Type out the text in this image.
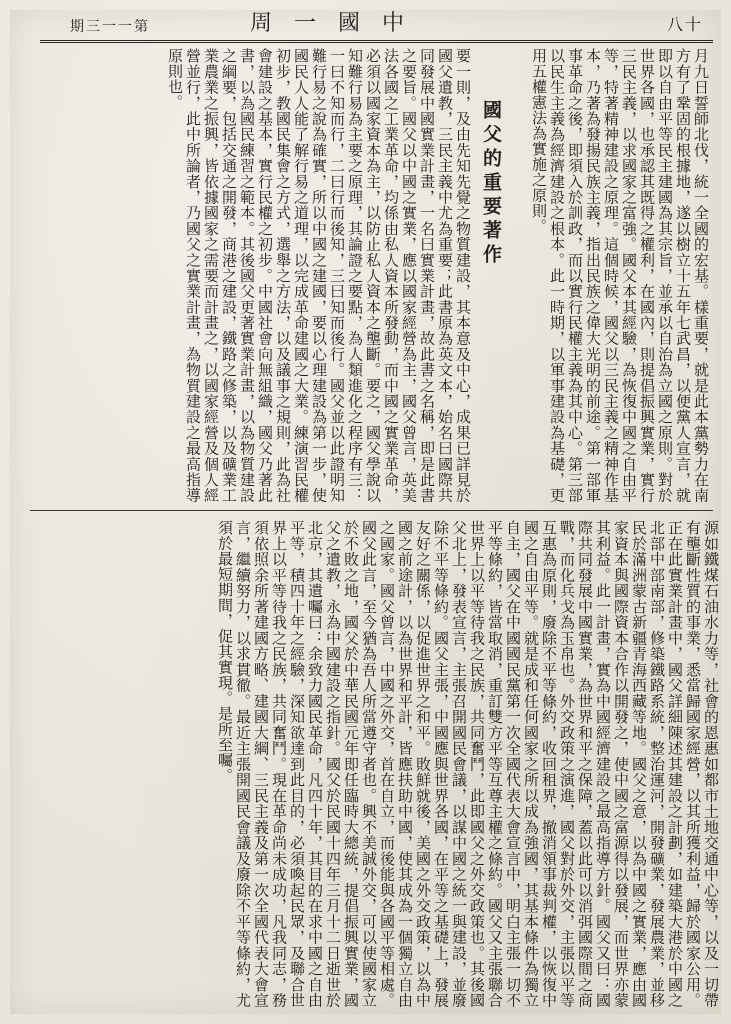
期三一一第	周一國中	八十
月九日誓師北伐，統一全國的宏基。樣重要，就是此本黨勢力在南方有了鞏固的根據地，遂以樹立十五年七武昌，以便黨人宣言，就即以自由平等民主建國為其宗旨，並承以自治為立國之原則。對於世界各國，也承認其既得之權利，在國內，則提倡振興實業，實行三民主義，以求國家之富強。國父本其經驗，為恢復中國之自由平等，特著精神建設之原理。這個時候，國父以三民主義之精神作基本，乃著為發揚民族主義，指出民族之偉大光明的前途。第一部軍事革命之後，即須入於訓政，而以實行民權主義為其中心。第三部以民生主義為經濟建設之根本。此一時期，以軍事建設為基礎，更用五權憲法為實施之原則。
國父的重要著作
要一則，及由先知先覺之物質建設，其本意及中心，成果已詳見於國父遺教，三民主義中尤為重要；此書原為英文本，始名曰國際共同發展中國實業計畫，一名曰實業計畫，故此書之名稱，即是此書之要旨。國父以中國之實業，應以國家經營為主，國父曾言，英美法各國之工業革命，均係由私人資本所發動，而中國之實業革命，必須以國家資本為主，以防止私人資本之壟斷。要之，國父學說以知難行易為主要之原理，其論證之要點，為人類進化之程序有三：一曰不知而行，二曰行而後知，三曰知而後行。國父並以此證明知難行易之說為確實，所以中國之建國，要以心理建設為第一步，使國民人人能了解行易之道理，以完成革命建國之大業。練演習民權初步，教國民集會之方式，選舉之方法，以及議事之規則，此為社會建設之基本，實行民權之初步。中國社會向無組織，國父乃著此書，以為國民練習之範本。其後國父更著實業計畫，以為物質建設之綱要，包括交通之開發，商港之建設，鐵路之修築，以及礦業工業農業之振興，皆依據國家之需要而計畫之，以國家經營及個人經營並行，此中所論者，乃國父之實業計畫，為物質建設之最高指導原則也。
源如鐵煤石油水力等，社會的恩惠如都市土地交通中心等，以及一切帶有壟斷性質的事業，悉當歸國家經營，以其所獲利益，歸於國家公用。正在此實業計畫中，國父詳細陳述其建設之計劃，如建築大港於中國之北部中部南部，修築鐵路系統，整治運河，開發礦業，發展農業，並移民於滿洲蒙古新疆青海西藏等地。國父之意，以為中國之實業，應由國家資本與國際資本合作以開發之，使中國之富源得以發展，而世界亦蒙其利益。此一計畫，實為中國經濟建設之最高指導方針。國父又曰：國際共同發展中國實業，為世界和平之保障，蓋以此可以消弭國際間之商戰，而化兵戈為玉帛也。外交政策之演進，國父對於外交，主張以平等互惠為原則，廢除不平等條約，收回租界，撤消領事裁判權，以恢復中國之自由平等。就是成和任何國家之所以成為強國，其基本條件為獨立自主，國父在中國國民黨第一次全國代表大會宣言中，明白主張一切不平等條約，皆當取消，重訂雙方平等互尊主權之條約。國父又主張聯合世界上以平等待我之民族，共同奮鬥，此即國父之外交政策也。其後國父北上，發表宣言，主張召開國民會議，以謀中國之統一與建設，並廢除不平等條約。國父主張，中國應與世界各國，在平等之基礎上，發展友好之關係，以促進世界之和平。敗鮮就後，美國之外交政策，以為中國之前途計，以為世界和平計，皆應扶助中國，使其成為一個獨立自由之國家。國父曾言，中國之外交，首在自立，而後能與各國平等相處。國父此言，至今猶為吾人所當遵守者也。興不美誠外交，可以使國家立於不敗之地，國父於中華民國元年即任臨時大總統，提倡振興實業，國父之遺教，永為中國建設之指針。國父於民國十四年三月十二日逝世於北京，其遺囑曰：余致力國民革命，凡四十年，其目的在求中國之自由平等，積四十年之經驗，深知欲達到此目的，必須喚起民眾，及聯合世界上以平等待我之民族，共同奮鬥。現在革命尚未成功，凡我同志，務須依照余所著建國方略、建國大綱、三民主義及第一次全國代表大會宣言，繼續努力，以求貫徹。最近主張開國民會議及廢除不平等條約，尤須於最短期間，促其實現。是所至囑。
